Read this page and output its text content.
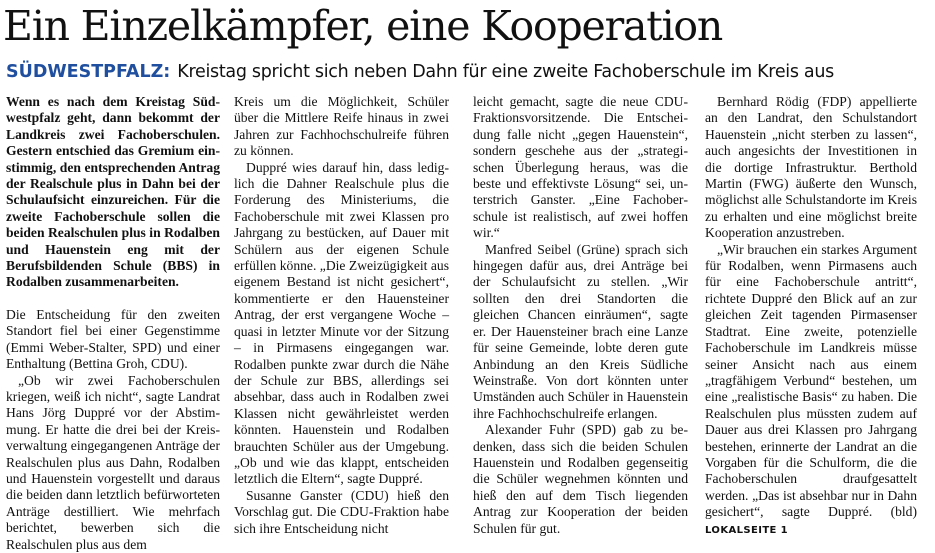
Ein Einzelkämpfer, eine Kooperation
SÜDWESTPFALZ: Kreistag spricht sich neben Dahn für eine zweite Fachoberschule im Kreis aus

Wenn es nach dem Kreistag Südwestpfalz geht, dann bekommt der Landkreis zwei Fachoberschulen. Gestern entschied das Gremium einstimmig, den entsprechenden Antrag der Realschule plus in Dahn bei der Schulaufsicht einzureichen. Für die zweite Fachoberschule sollen die beiden Realschulen plus in Rodalben und Hauenstein eng mit der Berufsbildenden Schule (BBS) in Rodalben zusammenarbeiten.

Die Entscheidung für den zweiten Standort fiel bei einer Gegenstimme (Emmi Weber-Stalter, SPD) und einer Enthaltung (Bettina Groh, CDU).

„Ob wir zwei Fachoberschulen kriegen, weiß ich nicht“, sagte Landrat Hans Jörg Duppré vor der Abstimmung. Er hatte die drei bei der Kreisverwaltung eingegangenen Anträge der Realschulen plus aus Dahn, Rodalben und Hauenstein vorgestellt und daraus die beiden dann letztlich befürworteten Anträge destilliert. Wie mehrfach berichtet, bewerben sich die Realschulen plus aus dem

Kreis um die Möglichkeit, Schüler über die Mittlere Reife hinaus in zwei Jahren zur Fachhochschulreife führen zu können.

Duppré wies darauf hin, dass lediglich die Dahner Realschule plus die Forderung des Ministeriums, die Fachoberschule mit zwei Klassen pro Jahrgang zu bestücken, auf Dauer mit Schülern aus der eigenen Schule erfüllen könne. „Die Zweizügigkeit aus eigenem Bestand ist nicht gesichert“, kommentierte er den Hauensteiner Antrag, der erst vergangene Woche – quasi in letzter Minute vor der Sitzung – in Pirmasens eingegangen war. Rodalben punkte zwar durch die Nähe der Schule zur BBS, allerdings sei absehbar, dass auch in Rodalben zwei Klassen nicht gewährleistet werden könnten. Hauenstein und Rodalben brauchten Schüler aus der Umgebung. „Ob und wie das klappt, entscheiden letztlich die Eltern“, sagte Duppré.

Susanne Ganster (CDU) hieß den Vorschlag gut. Die CDU-Fraktion habe sich ihre Entscheidung nicht

leicht gemacht, sagte die neue CDU-Fraktionsvorsitzende. Die Entscheidung falle nicht „gegen Hauenstein“, sondern geschehe aus der „strategischen Überlegung heraus, was die beste und effektivste Lösung“ sei, unterstrich Ganster. „Eine Fachoberschule ist realistisch, auf zwei hoffen wir.“

Manfred Seibel (Grüne) sprach sich hingegen dafür aus, drei Anträge bei der Schulaufsicht zu stellen. „Wir sollten den drei Standorten die gleichen Chancen einräumen“, sagte er. Der Hauensteiner brach eine Lanze für seine Gemeinde, lobte deren gute Anbindung an den Kreis Südliche Weinstraße. Von dort könnten unter Umständen auch Schüler in Hauenstein ihre Fachhochschulreife erlangen.

Alexander Fuhr (SPD) gab zu bedenken, dass sich die beiden Schulen Hauenstein und Rodalben gegenseitig die Schüler wegnehmen könnten und hieß den auf dem Tisch liegenden Antrag zur Kooperation der beiden Schulen für gut.

Bernhard Rödig (FDP) appellierte an den Landrat, den Schulstandort Hauenstein „nicht sterben zu lassen“, auch angesichts der Investitionen in die dortige Infrastruktur. Berthold Martin (FWG) äußerte den Wunsch, möglichst alle Schulstandorte im Kreis zu erhalten und eine möglichst breite Kooperation anzustreben.

„Wir brauchen ein starkes Argument für Rodalben, wenn Pirmasens auch für eine Fachoberschule antritt“, richtete Duppré den Blick auf an zur gleichen Zeit tagenden Pirmasenser Stadtrat. Eine zweite, potenzielle Fachoberschule im Landkreis müsse seiner Ansicht nach aus einem „tragfähigem Verbund“ bestehen, um eine „realistische Basis“ zu haben. Die Realschulen plus müssten zudem auf Dauer aus drei Klassen pro Jahrgang bestehen, erinnerte der Landrat an die Vorgaben für die Schulform, die die Fachoberschulen draufgesattelt werden. „Das ist absehbar nur in Dahn gesichert“, sagte Duppré. (bld) LOKALSEITE 1
